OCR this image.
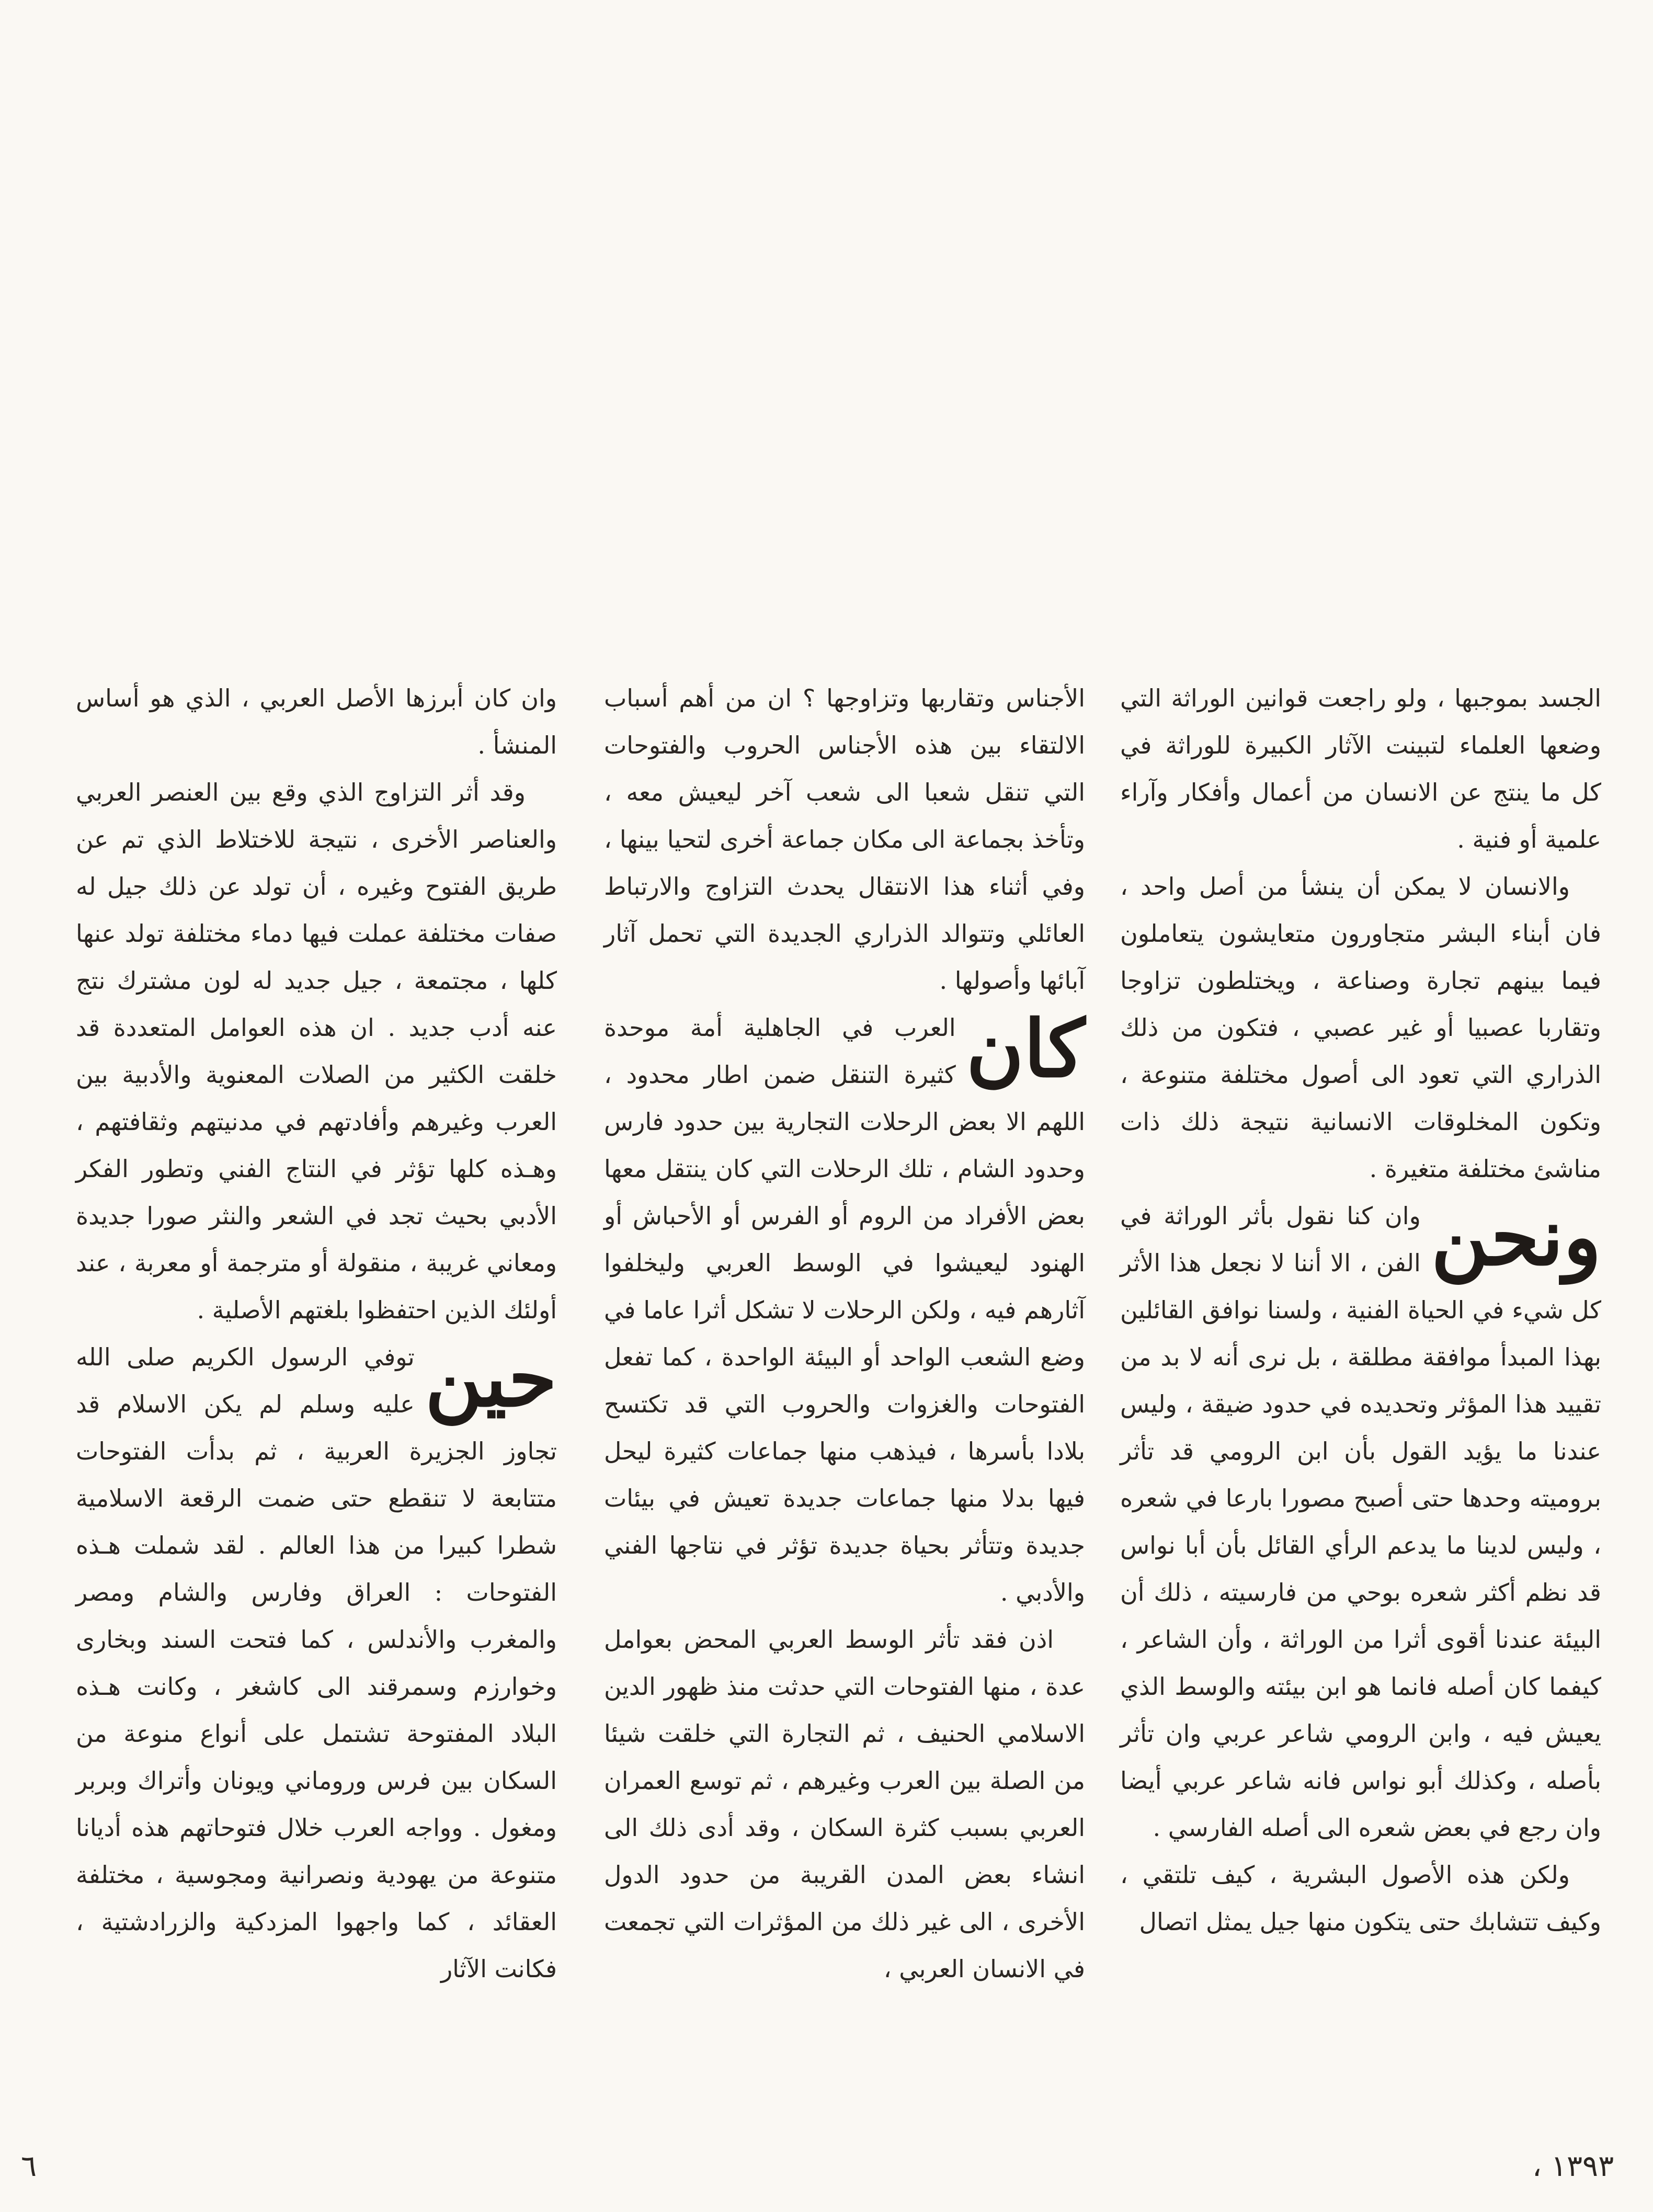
الجسد بموجبها ، ولو راجعت قوانين الوراثة التي وضعها العلماء لتبينت الآثار الكبيرة للوراثة في كل ما ينتج عن الانسان من أعمال وأفكار وآراء علمية أو فنية .

والانسان لا يمكن أن ينشأ من أصل واحد ، فان أبناء البشر متجاورون متعايشون يتعاملون فيما بينهم تجارة وصناعة ، ويختلطون تزاوجا وتقاربا عصبيا أو غير عصبي ، فتكون من ذلك الذراري التي تعود الى أصول مختلفة متنوعة ، وتكون المخلوقات الانسانية نتيجة ذلك ذات مناشئ مختلفة متغيرة .

ونحن
وان كنا نقول بأثر الوراثة في الفن ، الا أننا لا نجعل هذا الأثر كل شيء في الحياة الفنية ، ولسنا نوافق القائلين بهذا المبدأ موافقة مطلقة ، بل نرى أنه لا بد من تقييد هذا المؤثر وتحديده في حدود ضيقة ، وليس عندنا ما يؤيد القول بأن ابن الرومي قد تأثر بروميته وحدها حتى أصبح مصورا بارعا في شعره ، وليس لدينا ما يدعم الرأي القائل بأن أبا نواس قد نظم أكثر شعره بوحي من فارسيته ، ذلك أن البيئة عندنا أقوى أثرا من الوراثة ، وأن الشاعر ، كيفما كان أصله فانما هو ابن بيئته والوسط الذي يعيش فيه ، وابن الرومي شاعر عربي وان تأثر بأصله ، وكذلك أبو نواس فانه شاعر عربي أيضا وان رجع في بعض شعره الى أصله الفارسي .

ولكن هذه الأصول البشرية ، كيف تلتقي ، وكيف تتشابك حتى يتكون منها جيل يمثل اتصال

الأجناس وتقاربها وتزاوجها ؟ ان من أهم أسباب الالتقاء بين هذه الأجناس الحروب والفتوحات التي تنقل شعبا الى شعب آخر ليعيش معه ، وتأخذ بجماعة الى مكان جماعة أخرى لتحيا بينها ، وفي أثناء هذا الانتقال يحدث التزاوج والارتباط العائلي وتتوالد الذراري الجديدة التي تحمل آثار آبائها وأصولها .

كان
العرب في الجاهلية أمة موحدة كثيرة التنقل ضمن اطار محدود ، اللهم الا بعض الرحلات التجارية بين حدود فارس وحدود الشام ، تلك الرحلات التي كان ينتقل معها بعض الأفراد من الروم أو الفرس أو الأحباش أو الهنود ليعيشوا في الوسط العربي وليخلفوا آثارهم فيه ، ولكن الرحلات لا تشكل أثرا عاما في وضع الشعب الواحد أو البيئة الواحدة ، كما تفعل الفتوحات والغزوات والحروب التي قد تكتسح بلادا بأسرها ، فيذهب منها جماعات كثيرة ليحل فيها بدلا منها جماعات جديدة تعيش في بيئات جديدة وتتأثر بحياة جديدة تؤثر في نتاجها الفني والأدبي .

اذن فقد تأثر الوسط العربي المحض بعوامل عدة ، منها الفتوحات التي حدثت منذ ظهور الدين الاسلامي الحنيف ، ثم التجارة التي خلقت شيئا من الصلة بين العرب وغيرهم ، ثم توسع العمران العربي بسبب كثرة السكان ، وقد أدى ذلك الى انشاء بعض المدن القريبة من حدود الدول الأخرى ، الى غير ذلك من المؤثرات التي تجمعت في الانسان العربي ،

وان كان أبرزها الأصل العربي ، الذي هو أساس المنشأ .

وقد أثر التزاوج الذي وقع بين العنصر العربي والعناصر الأخرى ، نتيجة للاختلاط الذي تم عن طريق الفتوح وغيره ، أن تولد عن ذلك جيل له صفات مختلفة عملت فيها دماء مختلفة تولد عنها كلها ، مجتمعة ، جيل جديد له لون مشترك نتج عنه أدب جديد . ان هذه العوامل المتعددة قد خلقت الكثير من الصلات المعنوية والأدبية بين العرب وغيرهم وأفادتهم في مدنيتهم وثقافتهم ، وهـذه كلها تؤثر في النتاج الفني وتطور الفكر الأدبي بحيث تجد في الشعر والنثر صورا جديدة ومعاني غريبة ، منقولة أو مترجمة أو معربة ، عند أولئك الذين احتفظوا بلغتهم الأصلية .

حين
توفي الرسول الكريم صلى الله عليه وسلم لم يكن الاسلام قد تجاوز الجزيرة العربية ، ثم بدأت الفتوحات متتابعة لا تنقطع حتى ضمت الرقعة الاسلامية شطرا كبيرا من هذا العالم . لقد شملت هـذه الفتوحات : العراق وفارس والشام ومصر والمغرب والأندلس ، كما فتحت السند وبخارى وخوارزم وسمرقند الى كاشغر ، وكانت هـذه البلاد المفتوحة تشتمل على أنواع منوعة من السكان بين فرس وروماني ويونان وأتراك وبربر ومغول . وواجه العرب خلال فتوحاتهم هذه أديانا متنوعة من يهودية ونصرانية ومجوسية ، مختلفة العقائد ، كما واجهوا المزدكية والزرادشتية ، فكانت الآثار

٦	١٣٩٣ ،
